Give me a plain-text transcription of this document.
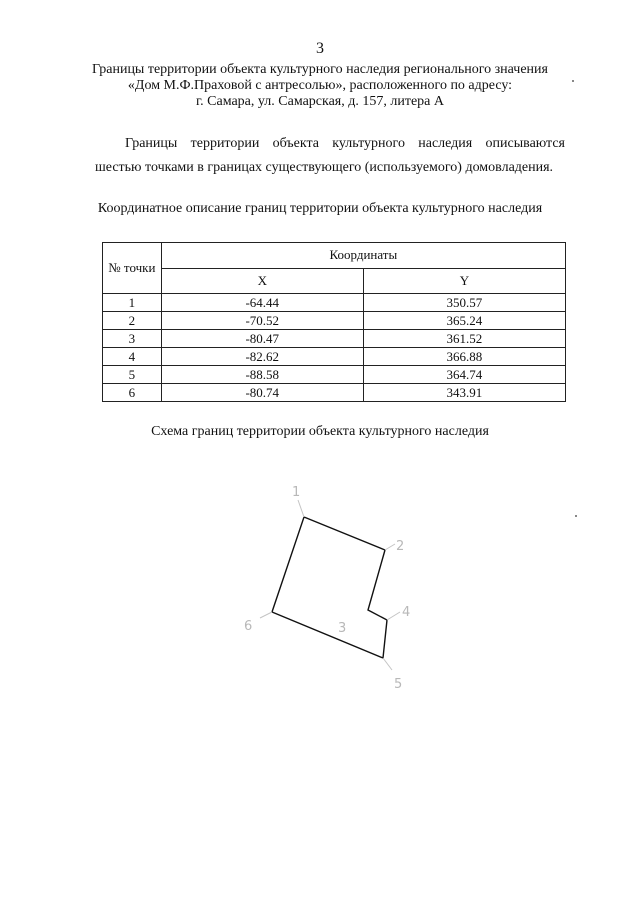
3
Границы территории объекта культурного наследия регионального значения
«Дом М.Ф.Праховой с антресолью», расположенного по адресу:
г. Самара, ул. Самарская, д. 157, литера А
Границы территории объекта культурного наследия описываются
шестью точками в границах существующего (используемого) домовладения.
Координатное описание границ территории объекта культурного наследия
№ точки	Координаты	
	X	Y
1	-64.44	350.57
2	-70.52	365.24
3	-80.47	361.52
4	-82.62	366.88
5	-88.58	364.74
6	-80.74	343.91
Схема границ территории объекта культурного наследия
1
2
3
4
5
6
